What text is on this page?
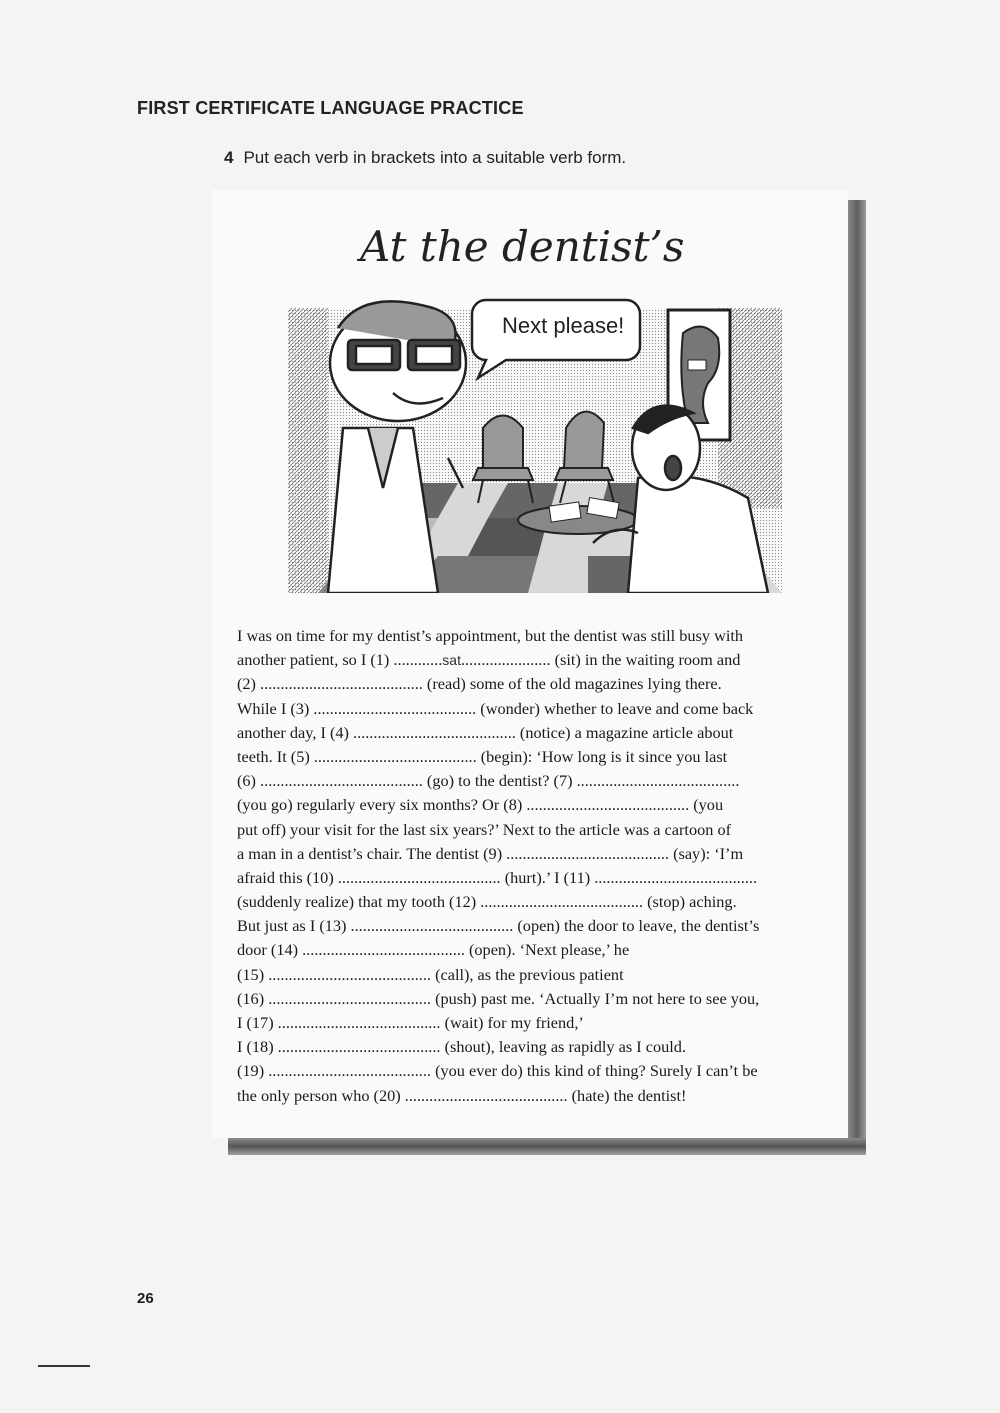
FIRST CERTIFICATE LANGUAGE PRACTICE
4 Put each verb in brackets into a suitable verb form.
At the dentist’s
Next please!
I was on time for my dentist’s appointment, but the dentist was still busy with
another patient, so I (1) ............sat...................... (sit) in the waiting room and
(2) ........................................ (read) some of the old magazines lying there.
While I (3) ........................................ (wonder) whether to leave and come back
another day, I (4) ........................................ (notice) a magazine article about
teeth. It (5) ........................................ (begin): ‘How long is it since you last
(6) ........................................ (go) to the dentist? (7) ........................................
(you go) regularly every six months? Or (8) ........................................ (you
put off) your visit for the last six years?’ Next to the article was a cartoon of
a man in a dentist’s chair. The dentist (9) ........................................ (say): ‘I’m
afraid this (10) ........................................ (hurt).’ I (11) ........................................
(suddenly realize) that my tooth (12) ........................................ (stop) aching.
But just as I (13) ........................................ (open) the door to leave, the dentist’s
door (14) ........................................ (open). ‘Next please,’ he
(15) ........................................ (call), as the previous patient
(16) ........................................ (push) past me. ‘Actually I’m not here to see you,
I (17) ........................................ (wait) for my friend,’
I (18) ........................................ (shout), leaving as rapidly as I could.
(19) ........................................ (you ever do) this kind of thing? Surely I can’t be
the only person who (20) ........................................ (hate) the dentist!
26
